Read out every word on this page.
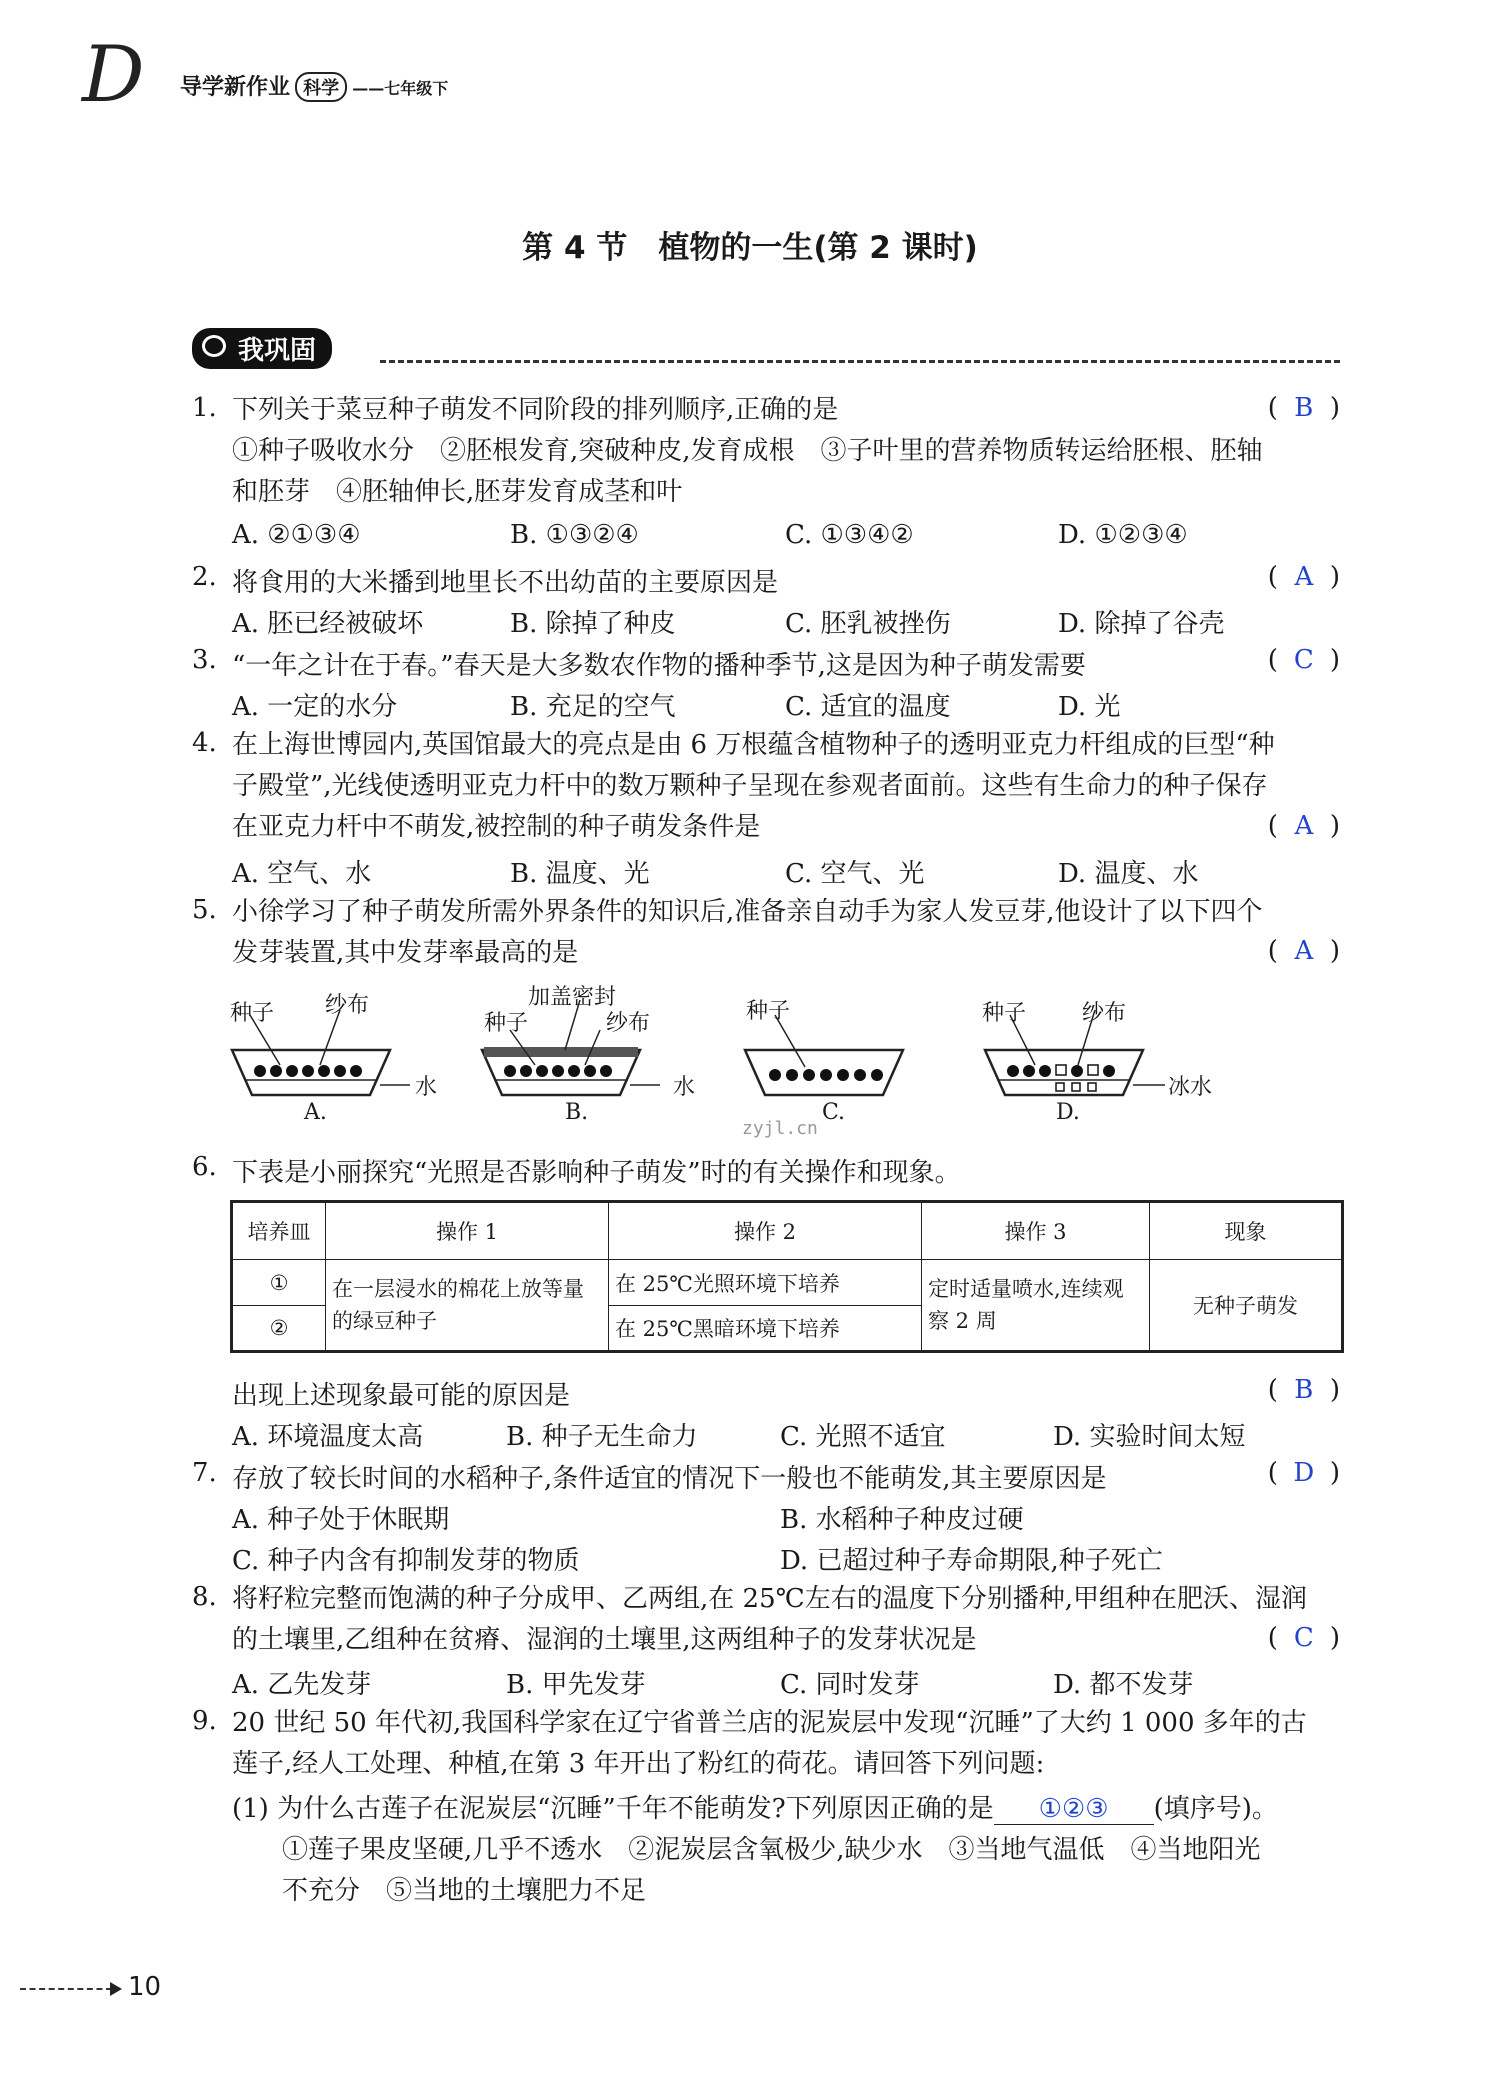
D 导学新作业 科学 ——七年级下
第 4 节　植物的一生(第 2 课时)
我巩固
1. 下列关于菜豆种子萌发不同阶段的排列顺序,正确的是
①种子吸收水分　②胚根发育,突破种皮,发育成根　③子叶里的营养物质转运给胚根、胚轴
和胚芽　④胚轴伸长,胚芽发育成茎和叶
( B )
A. ②①③④	B. ①③②④	C. ①③④②	D. ①②③④
2. 将食用的大米播到地里长不出幼苗的主要原因是	( A )
A. 胚已经被破坏	B. 除掉了种皮	C. 胚乳被挫伤	D. 除掉了谷壳
3. “一年之计在于春。”春天是大多数农作物的播种季节,这是因为种子萌发需要	( C )
A. 一定的水分	B. 充足的空气	C. 适宜的温度	D. 光
4. 在上海世博园内,英国馆最大的亮点是由 6 万根蕴含植物种子的透明亚克力杆组成的巨型“种
子殿堂”,光线使透明亚克力杆中的数万颗种子呈现在参观者面前。这些有生命力的种子保存
在亚克力杆中不萌发,被控制的种子萌发条件是	( A )
A. 空气、水	B. 温度、光	C. 空气、光	D. 温度、水
5. 小徐学习了种子萌发所需外界条件的知识后,准备亲自动手为家人发豆芽,他设计了以下四个
发芽装置,其中发芽率最高的是	( A )
种子 纱布
水
A.
加盖密封
种子	纱布
水
B.
种子
C.
zyjl.cn
种子	纱布
冰水
D.
6. 下表是小丽探究“光照是否影响种子萌发”时的有关操作和现象。
培养皿	操作 1	操作 2	操作 3	现象
①	在一层浸水的棉花上放等量的绿豆种子	在 25℃光照环境下培养	定时适量喷水,连续观察 2 周	无种子萌发
②		在 25℃黑暗环境下培养		
出现上述现象最可能的原因是	( B )
A. 环境温度太高	B. 种子无生命力	C. 光照不适宜	D. 实验时间太短
7. 存放了较长时间的水稻种子,条件适宜的情况下一般也不能萌发,其主要原因是	( D )
A. 种子处于休眠期	B. 水稻种子种皮过硬
C. 种子内含有抑制发芽的物质	D. 已超过种子寿命期限,种子死亡
8. 将籽粒完整而饱满的种子分成甲、乙两组,在 25℃左右的温度下分别播种,甲组种在肥沃、湿润
的土壤里,乙组种在贫瘠、湿润的土壤里,这两组种子的发芽状况是	( C )
A. 乙先发芽	B. 甲先发芽	C. 同时发芽	D. 都不发芽
9. 20 世纪 50 年代初,我国科学家在辽宁省普兰店的泥炭层中发现“沉睡”了大约 1 000 多年的古
莲子,经人工处理、种植,在第 3 年开出了粉红的荷花。请回答下列问题:
(1) 为什么古莲子在泥炭层“沉睡”千年不能萌发?下列原因正确的是 ①②③ (填序号)。
①莲子果皮坚硬,几乎不透水　②泥炭层含氧极少,缺少水　③当地气温低　④当地阳光
不充分　⑤当地的土壤肥力不足
10
